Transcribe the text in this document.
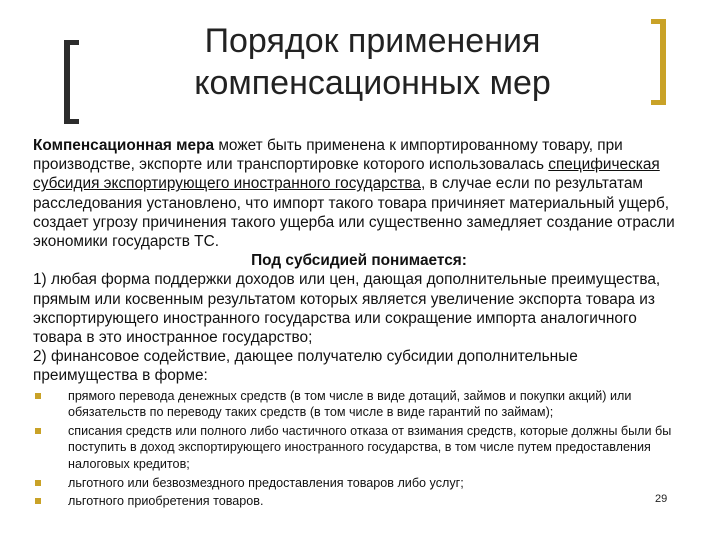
Порядок применения
компенсационных мер

Компенсационная мера может быть применена к импортированному товару, при производстве, экспорте или транспортировке которого использовалась специфическая субсидия экспортирующего иностранного государства, в случае если по результатам расследования установлено, что импорт такого товара причиняет материальный ущерб, создает угрозу причинения такого ущерба или существенно замедляет создание отрасли экономики государств ТС.

Под субсидией понимается:

1) любая форма поддержки доходов или цен, дающая дополнительные преимущества, прямым или косвенным результатом которых является увеличение экспорта товара из экспортирующего иностранного государства или сокращение импорта аналогичного товара в это иностранное государство;

2) финансовое содействие, дающее получателю субсидии дополнительные преимущества в форме:

прямого перевода денежных средств (в том числе в виде дотаций, займов и покупки акций) или обязательств по переводу таких средств (в том числе в виде гарантий по займам);
списания средств или полного либо частичного отказа от взимания средств, которые должны были бы поступить в доход экспортирующего иностранного государства, в том числе путем предоставления налоговых кредитов;
льготного или безвозмездного предоставления товаров либо услуг;
льготного приобретения товаров.	29
